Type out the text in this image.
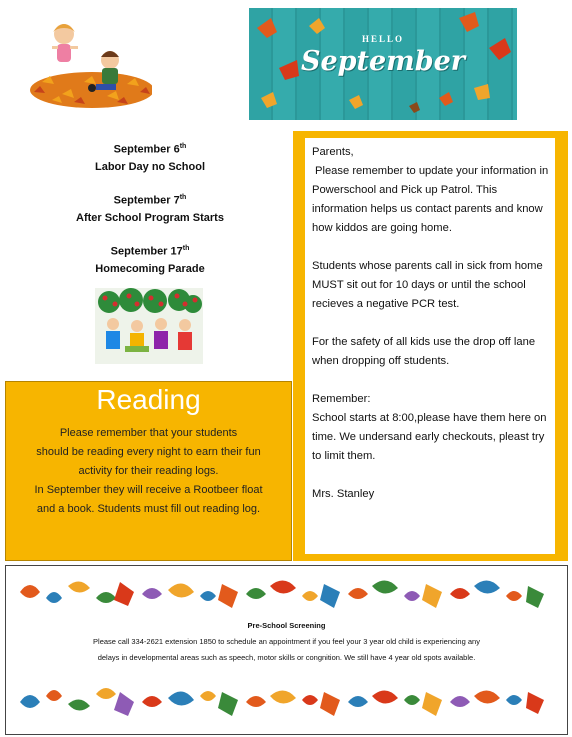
HELLO
September
September 6th
Labor Day no School
September 7th
After School Program Starts
September 17th
Homecoming Parade

Parents,

Please remember to update your information in Powerschool and Pick up Patrol. This information helps us contact parents and know how kiddos are going home.

Students whose parents call in sick from home MUST sit out for 10 days or until the school recieves a negative PCR test.

For the safety of all kids use the drop off lane when dropping off students.

Remember:

School starts at 8:00,please have them here on time. We undersand early checkouts, pleast try to limit them.

Mrs. Stanley

Reading
Please remember that your students
should be reading every night to earn their fun
activity for their reading logs.
In September they will receive a Rootbeer float
and a book. Students must fill out reading log.
Pre-School Screening
Please call 334-2621 extension 1850 to schedule an appointment if you feel your 3 year old child is experiencing any
delays in developmental areas such as speech, motor skills or congnition. We still have 4 year old spots available.
